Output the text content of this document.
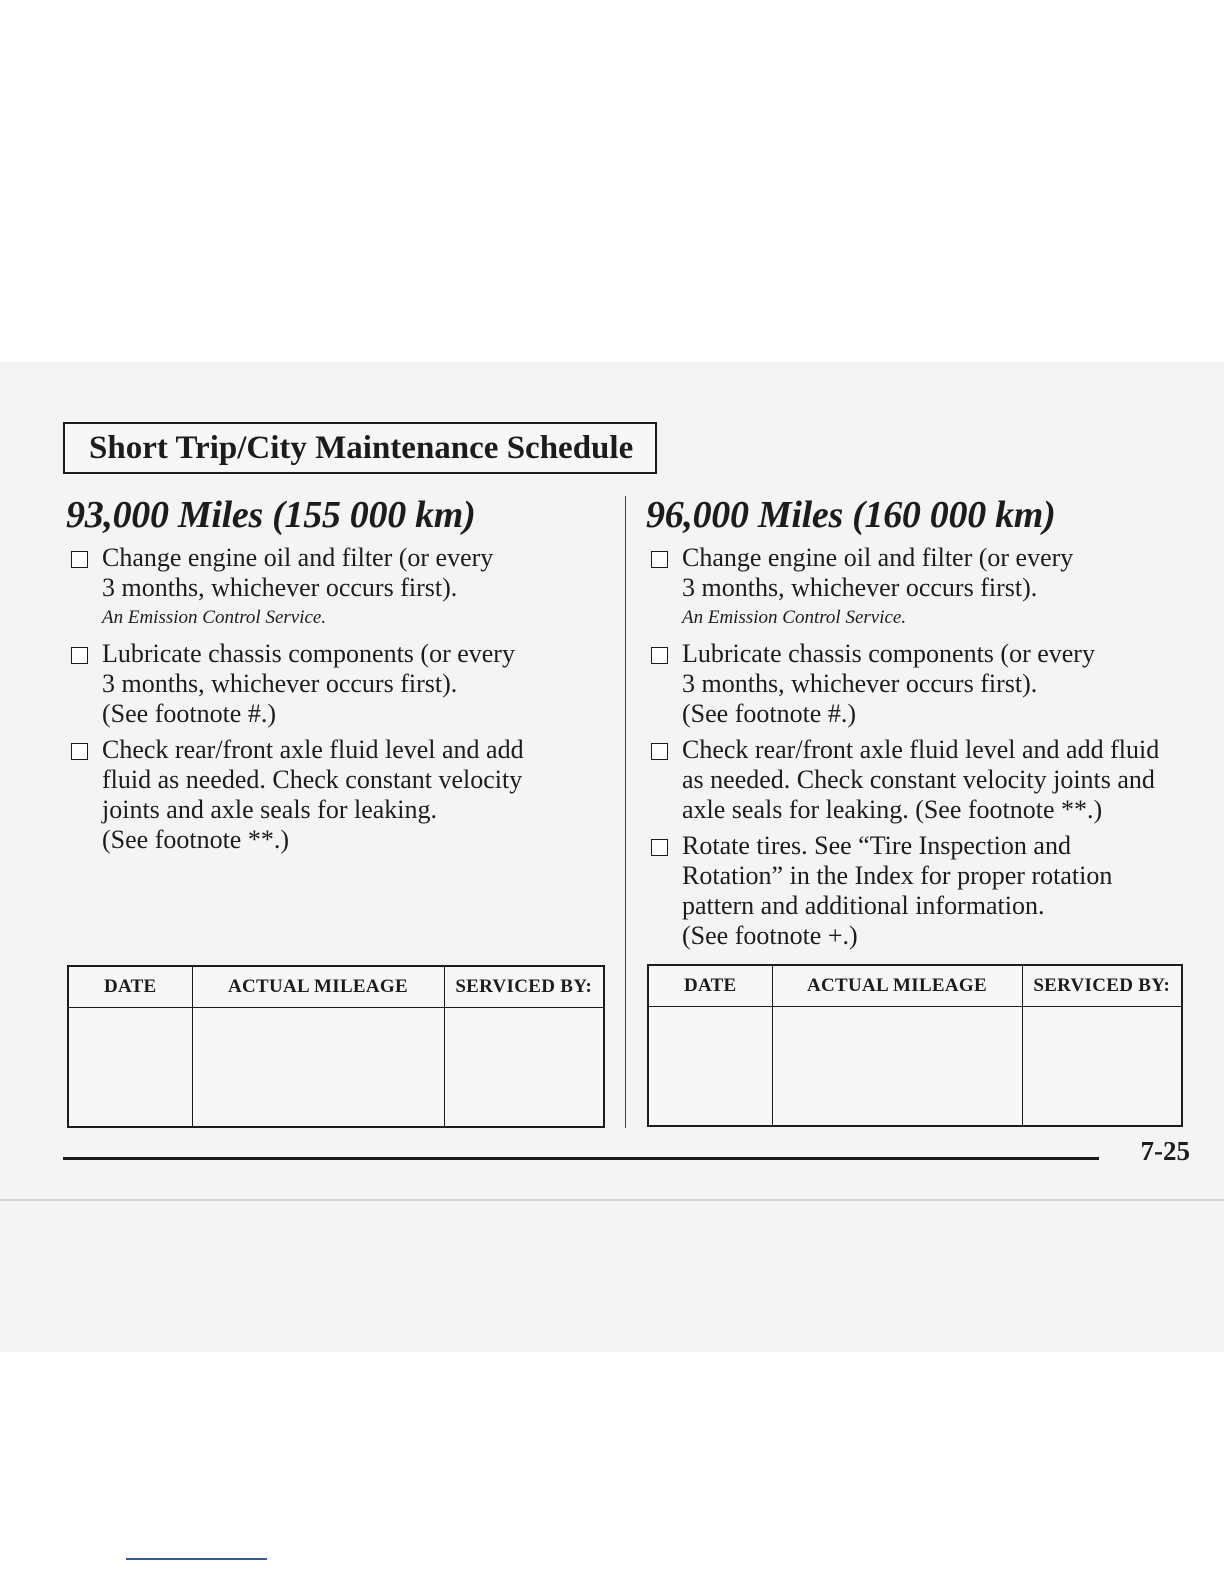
Short Trip/City Maintenance Schedule
93,000 Miles (155 000 km)
Change engine oil and filter (or every
3 months, whichever occurs first).
An Emission Control Service.
Lubricate chassis components (or every
3 months, whichever occurs first).
(See footnote #.)
Check rear/front axle fluid level and add
fluid as needed. Check constant velocity
joints and axle seals for leaking.
(See footnote **.)
96,000 Miles (160 000 km)
Change engine oil and filter (or every
3 months, whichever occurs first).
An Emission Control Service.
Lubricate chassis components (or every
3 months, whichever occurs first).
(See footnote #.)
Check rear/front axle fluid level and add fluid
as needed. Check constant velocity joints and
axle seals for leaking. (See footnote **.)
Rotate tires. See “Tire Inspection and
Rotation” in the Index for proper rotation
pattern and additional information.
(See footnote +.)
DATE	ACTUAL MILEAGE	SERVICED BY:
			DATE	ACTUAL MILEAGE	SERVICED BY:

7-25
